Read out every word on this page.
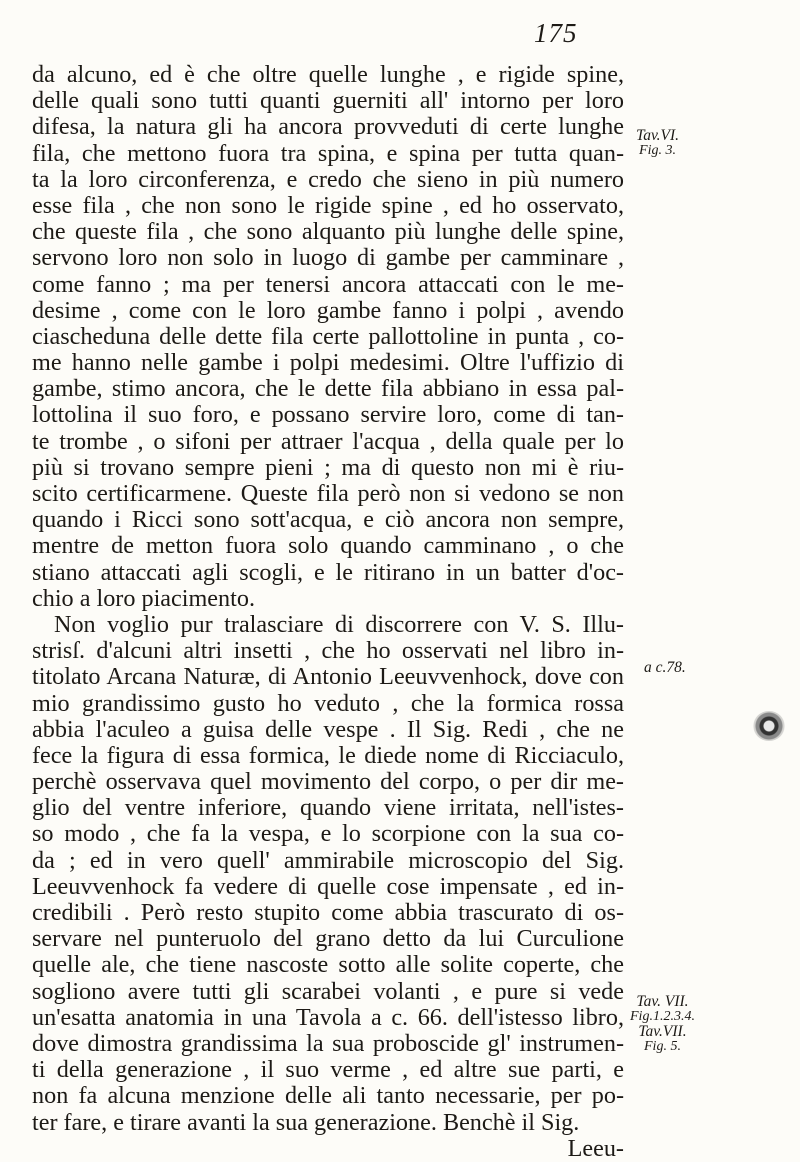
175
da alcuno, ed è che oltre quelle lunghe , e rigide spine,
delle quali sono tutti quanti guerniti all' intorno per loro
difesa, la natura gli ha ancora provveduti di certe lunghe
fila, che mettono fuora tra spina, e spina per tutta quan-
ta la loro circonferenza, e credo che sieno in più numero
esse fila , che non sono le rigide spine , ed ho osservato,
che queste fila , che sono alquanto più lunghe delle spine,
servono loro non solo in luogo di gambe per camminare ,
come fanno ; ma per tenersi ancora attaccati con le me-
desime , come con le loro gambe fanno i polpi , avendo
ciascheduna delle dette fila certe pallottoline in punta , co-
me hanno nelle gambe i polpi medesimi. Oltre l'uffizio di
gambe, stimo ancora, che le dette fila abbiano in essa pal-
lottolina il suo foro, e possano servire loro, come di tan-
te trombe , o sifoni per attraer l'acqua , della quale per lo
più si trovano sempre pieni ; ma di questo non mi è riu-
scito certificarmene. Queste fila però non si vedono se non
quando i Ricci sono sott'acqua, e ciò ancora non sempre,
mentre de metton fuora solo quando camminano , o che
stiano attaccati agli scogli, e le ritirano in un batter d'oc-
chio a loro piacimento.
Non voglio pur tralasciare di discorrere con V. S. Illu-
strisſ. d'alcuni altri insetti , che ho osservati nel libro in-
titolato Arcana Naturæ, di Antonio Leeuvvenhock, dove con
mio grandissimo gusto ho veduto , che la formica rossa
abbia l'aculeo a guisa delle vespe . Il Sig. Redi , che ne
fece la figura di essa formica, le diede nome di Ricciaculo,
perchè osservava quel movimento del corpo, o per dir me-
glio del ventre inferiore, quando viene irritata, nell'istes-
so modo , che fa la vespa, e lo scorpione con la sua co-
da ; ed in vero quell' ammirabile microscopio del Sig.
Leeuvvenhock fa vedere di quelle cose impensate , ed in-
credibili . Però resto stupito come abbia trascurato di os-
servare nel punteruolo del grano detto da lui Curculione
quelle ale, che tiene nascoste sotto alle solite coperte, che
sogliono avere tutti gli scarabei volanti , e pure si vede
un'esatta anatomia in una Tavola a c. 66. dell'istesso libro,
dove dimostra grandissima la sua proboscide gl' instrumen-
ti della generazione , il suo verme , ed altre sue parti, e
non fa alcuna menzione delle ali tanto necessarie, per po-
ter fare, e tirare avanti la sua generazione. Benchè il Sig.
Leeu-
Tav.VI.
Fig. 3.
a c.78.
Tav. VII.
Fig.1.2.3.4.
Tav.VII.
Fig. 5.
